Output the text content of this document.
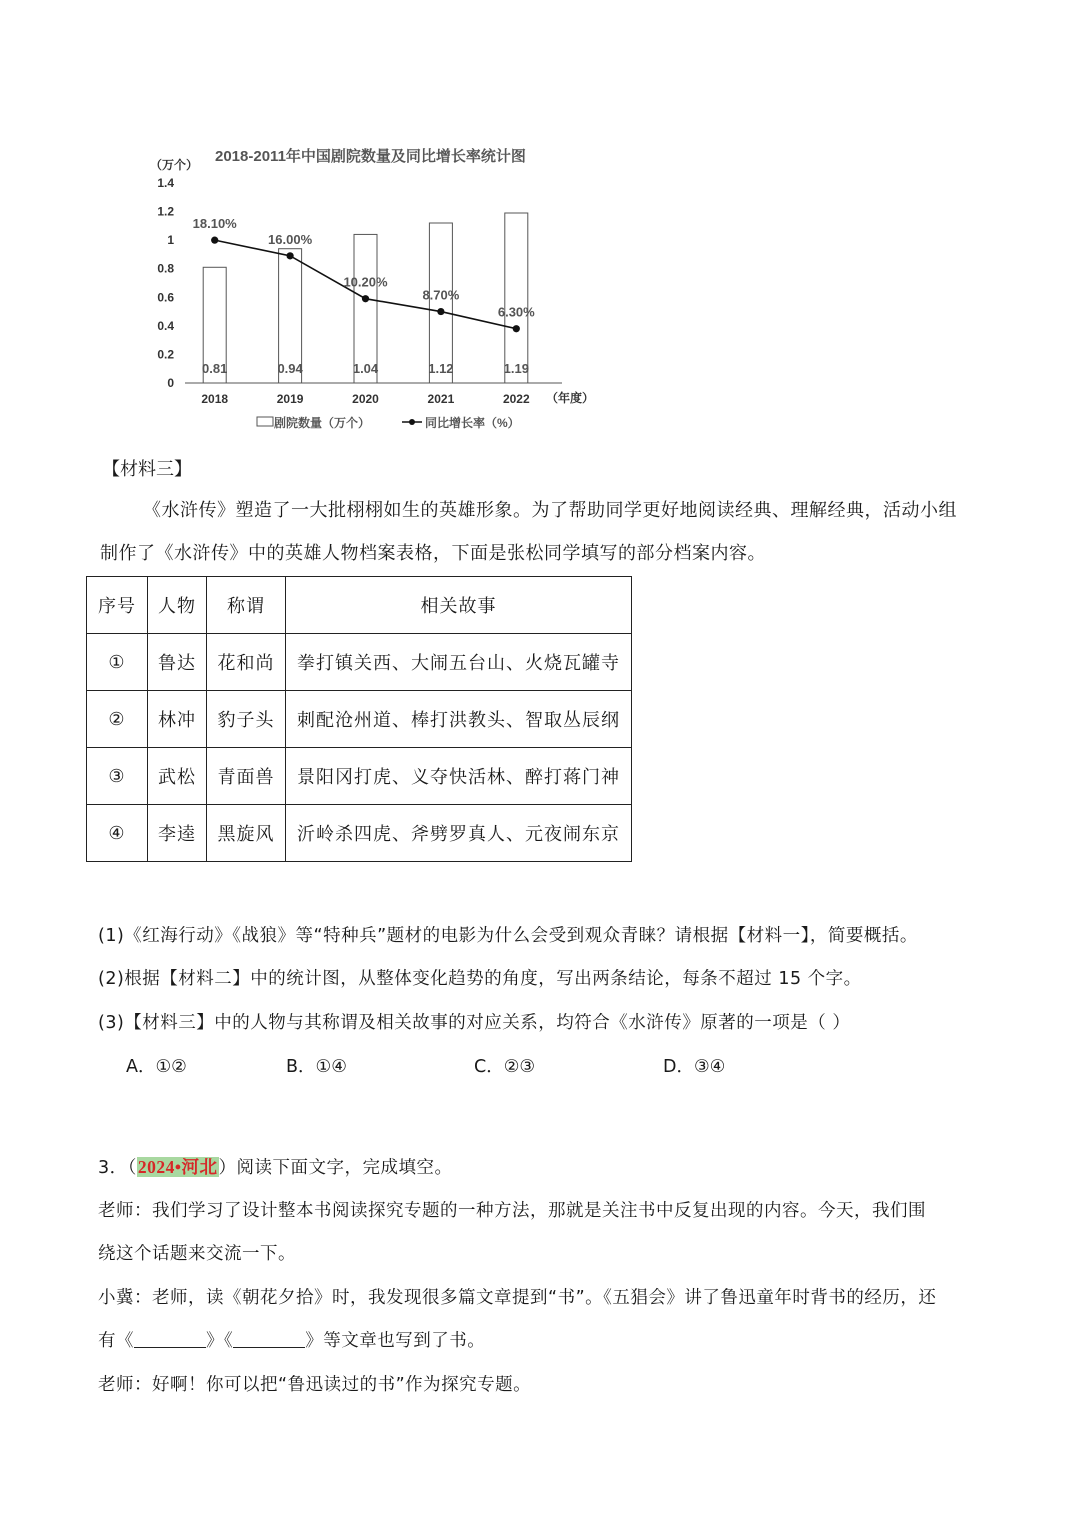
2018-2011年中国剧院数量及同比增长率统计图
（万个）
（年度）
1.4
1.2
1
0.8
0.6
0.4
0.2
0
0.81
2018
0.94
2019
1.04
2020
1.12
2021
1.19
2022
18.10%
16.00%
10.20%
8.70%
6.30%
剧院数量（万个）	同比增长率（%）
【材料三】
《水浒传》塑造了一大批栩栩如生的英雄形象。为了帮助同学更好地阅读经典、理解经典，活动小组
制作了《水浒传》中的英雄人物档案表格，下面是张松同学填写的部分档案内容。
序号	人物	称谓	相关故事
①	鲁达	花和尚	拳打镇关西、大闹五台山、火烧瓦罐寺
②	林冲	豹子头	刺配沧州道、棒打洪教头、智取丛辰纲
③	武松	青面兽	景阳冈打虎、义夺快活林、醉打蒋门神
④	李逵	黑旋风	沂岭杀四虎、斧劈罗真人、元夜闹东京
(1)《红海行动》《战狼》等“特种兵”题材的电影为什么会受到观众青睐？请根据【材料一】，简要概括。
(2)根据【材料二】中的统计图，从整体变化趋势的角度，写出两条结论，每条不超过 15 个字。
(3)【材料三】中的人物与其称谓及相关故事的对应关系，均符合《水浒传》原著的一项是（ ）
A．①②	B．①④	C．②③	D．③④
3．（2024•河北）阅读下面文字，完成填空。
老师：我们学习了设计整本书阅读探究专题的一种方法，那就是关注书中反复出现的内容。今天，我们围
绕这个话题来交流一下。
小冀：老师，读《朝花夕拾》时，我发现很多篇文章提到“书”。《五猖会》讲了鲁迅童年时背书的经历，还
有《	》《	》等文章也写到了书。
老师：好啊！你可以把“鲁迅读过的书”作为探究专题。
